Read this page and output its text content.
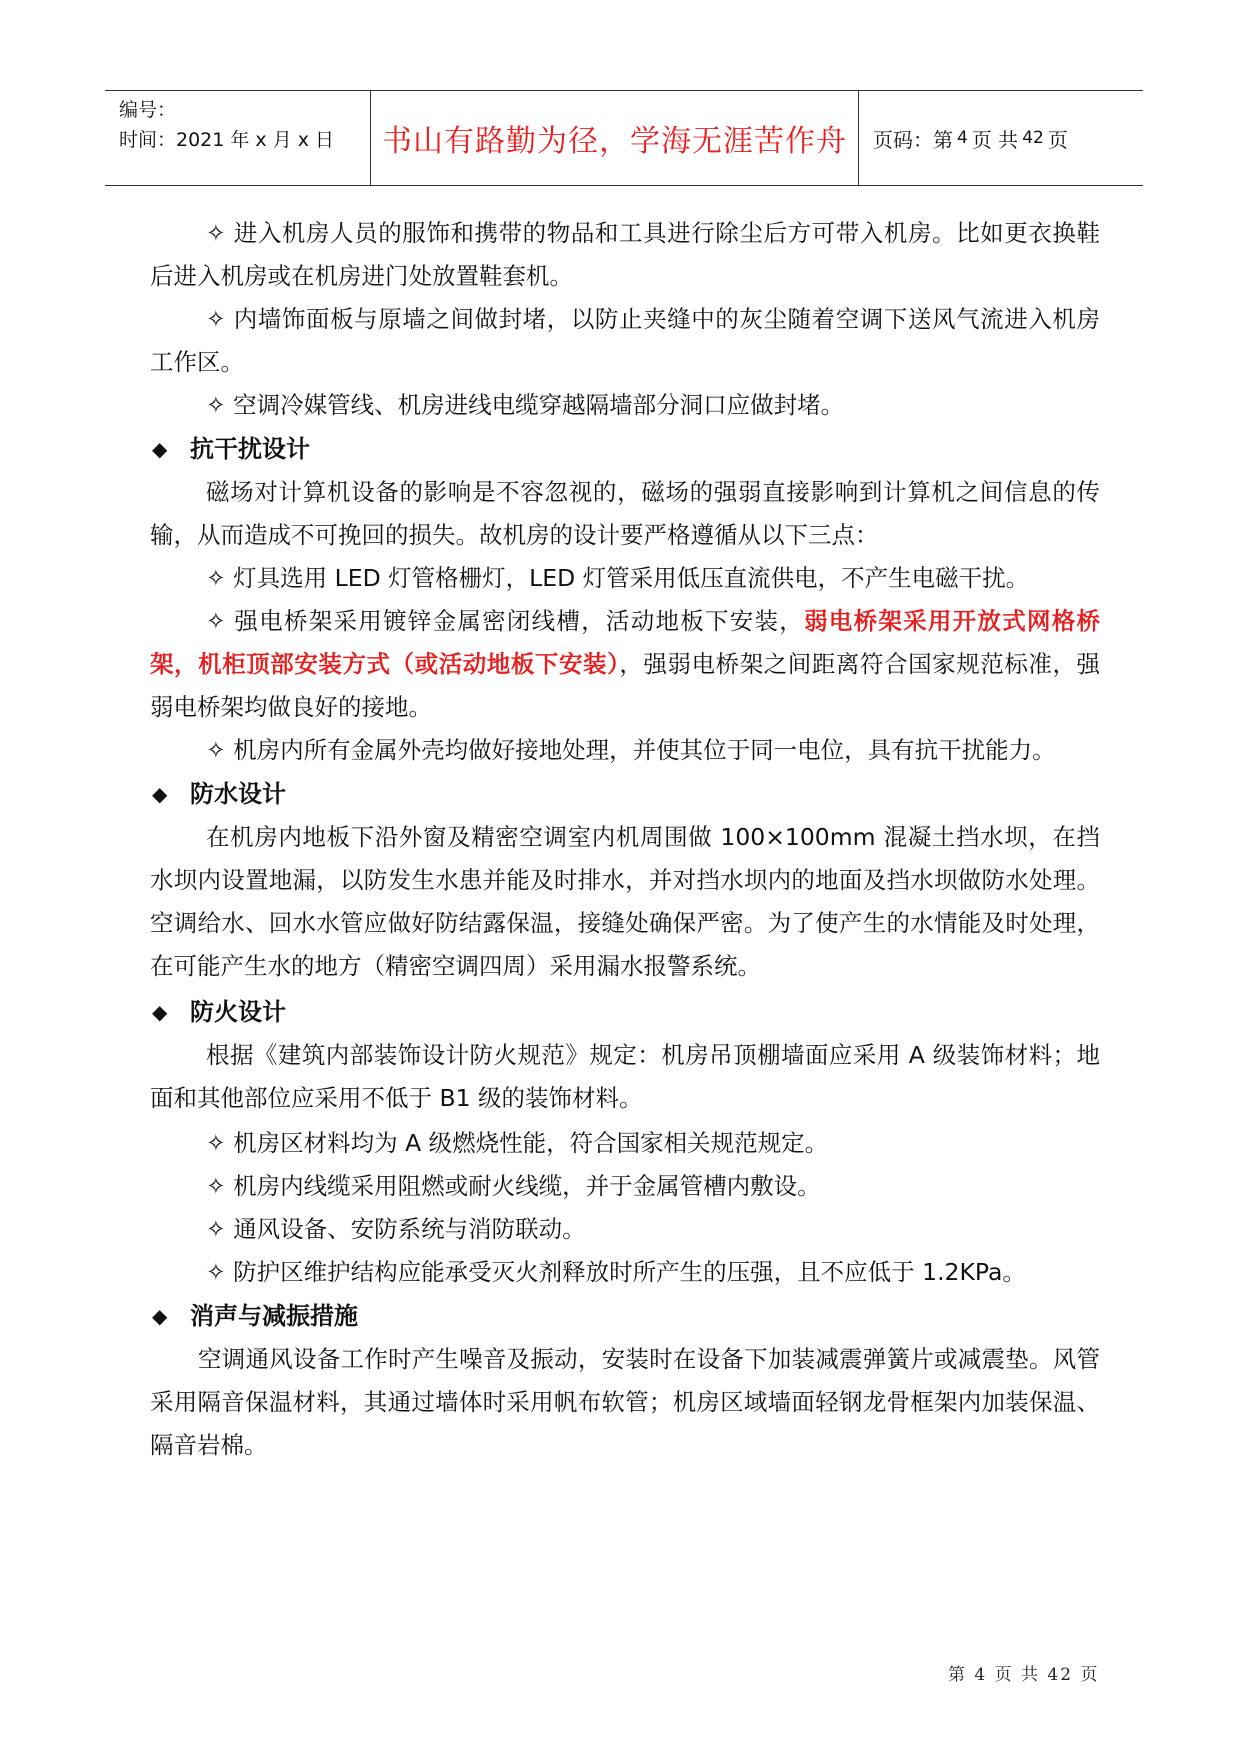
编号：
时间：2021 年 x 月 x 日	书山有路勤为径，学海无涯苦作舟	页码：第 4 页 共 42 页

✧ 进入机房人员的服饰和携带的物品和工具进行除尘后方可带入机房。比如更衣换鞋后进入机房或在机房进门处放置鞋套机。

✧ 内墙饰面板与原墙之间做封堵，以防止夹缝中的灰尘随着空调下送风气流进入机房工作区。

✧ 空调冷媒管线、机房进线电缆穿越隔墙部分洞口应做封堵。

◆ 抗干扰设计

磁场对计算机设备的影响是不容忽视的，磁场的强弱直接影响到计算机之间信息的传输，从而造成不可挽回的损失。故机房的设计要严格遵循从以下三点：

✧ 灯具选用 LED 灯管格栅灯，LED 灯管采用低压直流供电，不产生电磁干扰。

✧ 强电桥架采用镀锌金属密闭线槽，活动地板下安装，弱电桥架采用开放式网格桥架，机柜顶部安装方式（或活动地板下安装），强弱电桥架之间距离符合国家规范标准，强弱电桥架均做良好的接地。

✧ 机房内所有金属外壳均做好接地处理，并使其位于同一电位，具有抗干扰能力。

◆ 防水设计

在机房内地板下沿外窗及精密空调室内机周围做 100×100mm 混凝土挡水坝，在挡水坝内设置地漏，以防发生水患并能及时排水，并对挡水坝内的地面及挡水坝做防水处理。空调给水、回水水管应做好防结露保温，接缝处确保严密。为了使产生的水情能及时处理，在可能产生水的地方（精密空调四周）采用漏水报警系统。

◆ 防火设计

根据《建筑内部装饰设计防火规范》规定：机房吊顶棚墙面应采用 A 级装饰材料；地面和其他部位应采用不低于 B1 级的装饰材料。

✧ 机房区材料均为 A 级燃烧性能，符合国家相关规范规定。

✧ 机房内线缆采用阻燃或耐火线缆，并于金属管槽内敷设。

✧ 通风设备、安防系统与消防联动。

✧ 防护区维护结构应能承受灭火剂释放时所产生的压强，且不应低于 1.2KPa。

◆ 消声与减振措施

空调通风设备工作时产生噪音及振动，安装时在设备下加装减震弹簧片或减震垫。风管采用隔音保温材料，其通过墙体时采用帆布软管；机房区域墙面轻钢龙骨框架内加装保温、隔音岩棉。

第 4 页 共 42 页
